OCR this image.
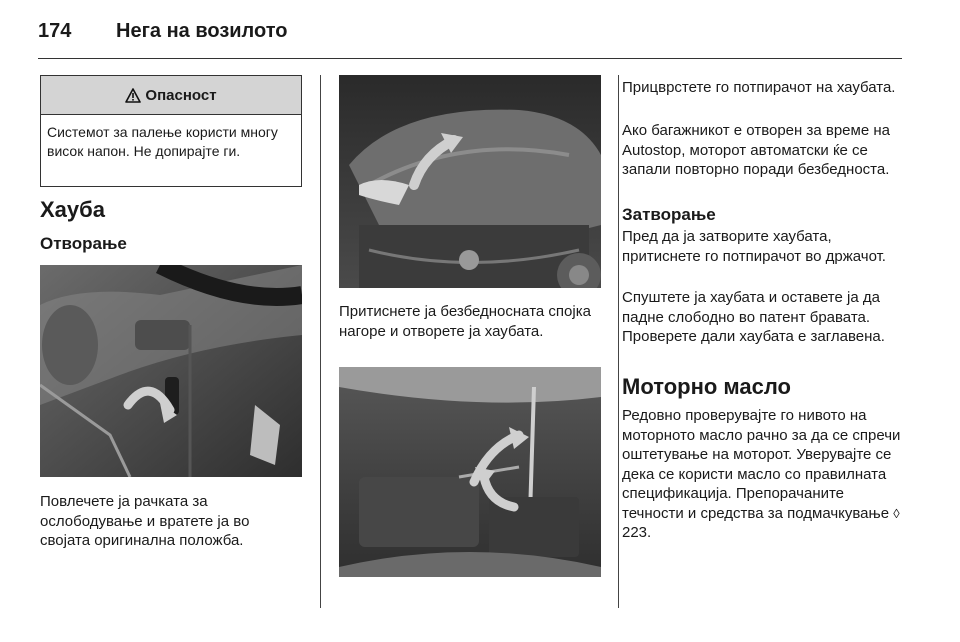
174 Нега на возилото
Опасност
Системот за палење користи многу висок напон. Не допирајте ги.
Хауба
Отворање
Повлечете ја рачката за ослободување и вратете ја во својата оригинална положба.
Притиснете ја безбедносната спојка нагоре и отворете ја хаубата.
Прицврстете го потпирачот на хаубата.
Ако багажникот е отворен за време на Autostop, моторот автоматски ќе се запали повторно поради безбедноста.
Затворање
Пред да ја затворите хаубата, притиснете го потпирачот во држачот.
Спуштете ја хаубата и оставете ја да падне слободно во патент бравата. Проверете дали хаубата е заглавена.
Моторно масло
Редовно проверувајте го нивото на моторното масло рачно за да се спречи оштетување на моторот. Уверувајте се дека се користи масло со правилната спецификација. Препорачаните течности и средства за подмачкување ◊ 223.
